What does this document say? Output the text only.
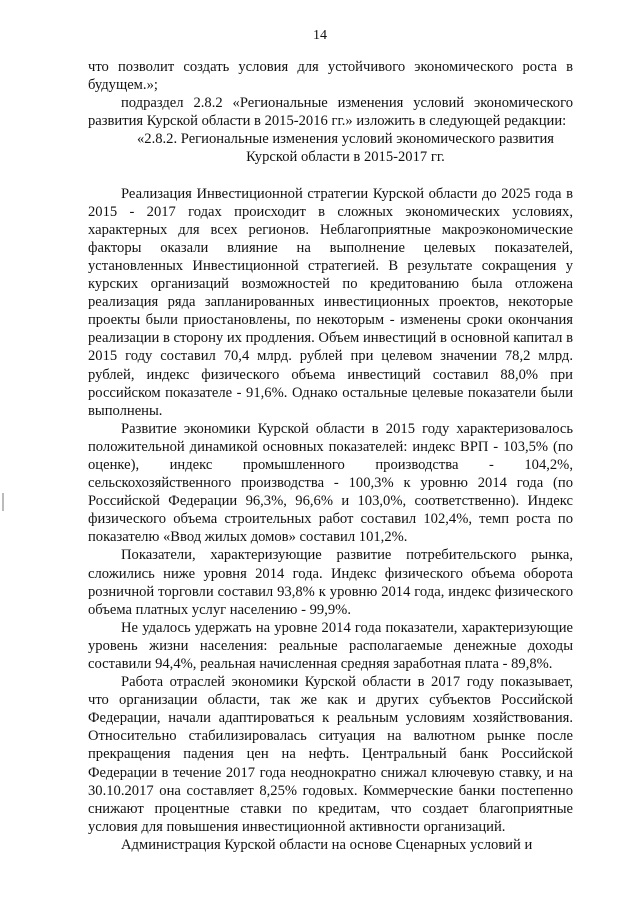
14

что позволит создать условия для устойчивого экономического роста в будущем.»;

подраздел 2.8.2 «Региональные изменения условий экономического развития Курской области в 2015-2016 гг.» изложить в следующей редакции:

«2.8.2. Региональные изменения условий экономического развития Курской области в 2015-2017 гг.

Реализация Инвестиционной стратегии Курской области до 2025 года в 2015 - 2017 годах происходит в сложных экономических условиях, характерных для всех регионов. Неблагоприятные макроэкономические факторы оказали влияние на выполнение целевых показателей, установленных Инвестиционной стратегией. В результате сокращения у курских организаций возможностей по кредитованию была отложена реализация ряда запланированных инвестиционных проектов, некоторые проекты были приостановлены, по некоторым - изменены сроки окончания реализации в сторону их продления. Объем инвестиций в основной капитал в 2015 году составил 70,4 млрд. рублей при целевом значении 78,2 млрд. рублей, индекс физического объема инвестиций составил 88,0% при российском показателе - 91,6%. Однако остальные целевые показатели были выполнены.

Развитие экономики Курской области в 2015 году характеризовалось положительной динамикой основных показателей: индекс ВРП - 103,5% (по оценке), индекс промышленного производства - 104,2%, сельскохозяйственного производства - 100,3% к уровню 2014 года (по Российской Федерации 96,3%, 96,6% и 103,0%, соответственно). Индекс физического объема строительных работ составил 102,4%, темп роста по показателю «Ввод жилых домов» составил 101,2%.

Показатели, характеризующие развитие потребительского рынка, сложились ниже уровня 2014 года. Индекс физического объема оборота розничной торговли составил 93,8% к уровню 2014 года, индекс физического объема платных услуг населению - 99,9%.

Не удалось удержать на уровне 2014 года показатели, характеризующие уровень жизни населения: реальные располагаемые денежные доходы составили 94,4%, реальная начисленная средняя заработная плата - 89,8%.

Работа отраслей экономики Курской области в 2017 году показывает, что организации области, так же как и других субъектов Российской Федерации, начали адаптироваться к реальным условиям хозяйствования. Относительно стабилизировалась ситуация на валютном рынке после прекращения падения цен на нефть. Центральный банк Российской Федерации в течение 2017 года неоднократно снижал ключевую ставку, и на 30.10.2017 она составляет 8,25% годовых. Коммерческие банки постепенно снижают процентные ставки по кредитам, что создает благоприятные условия для повышения инвестиционной активности организаций.

Администрация Курской области на основе Сценарных условий и
